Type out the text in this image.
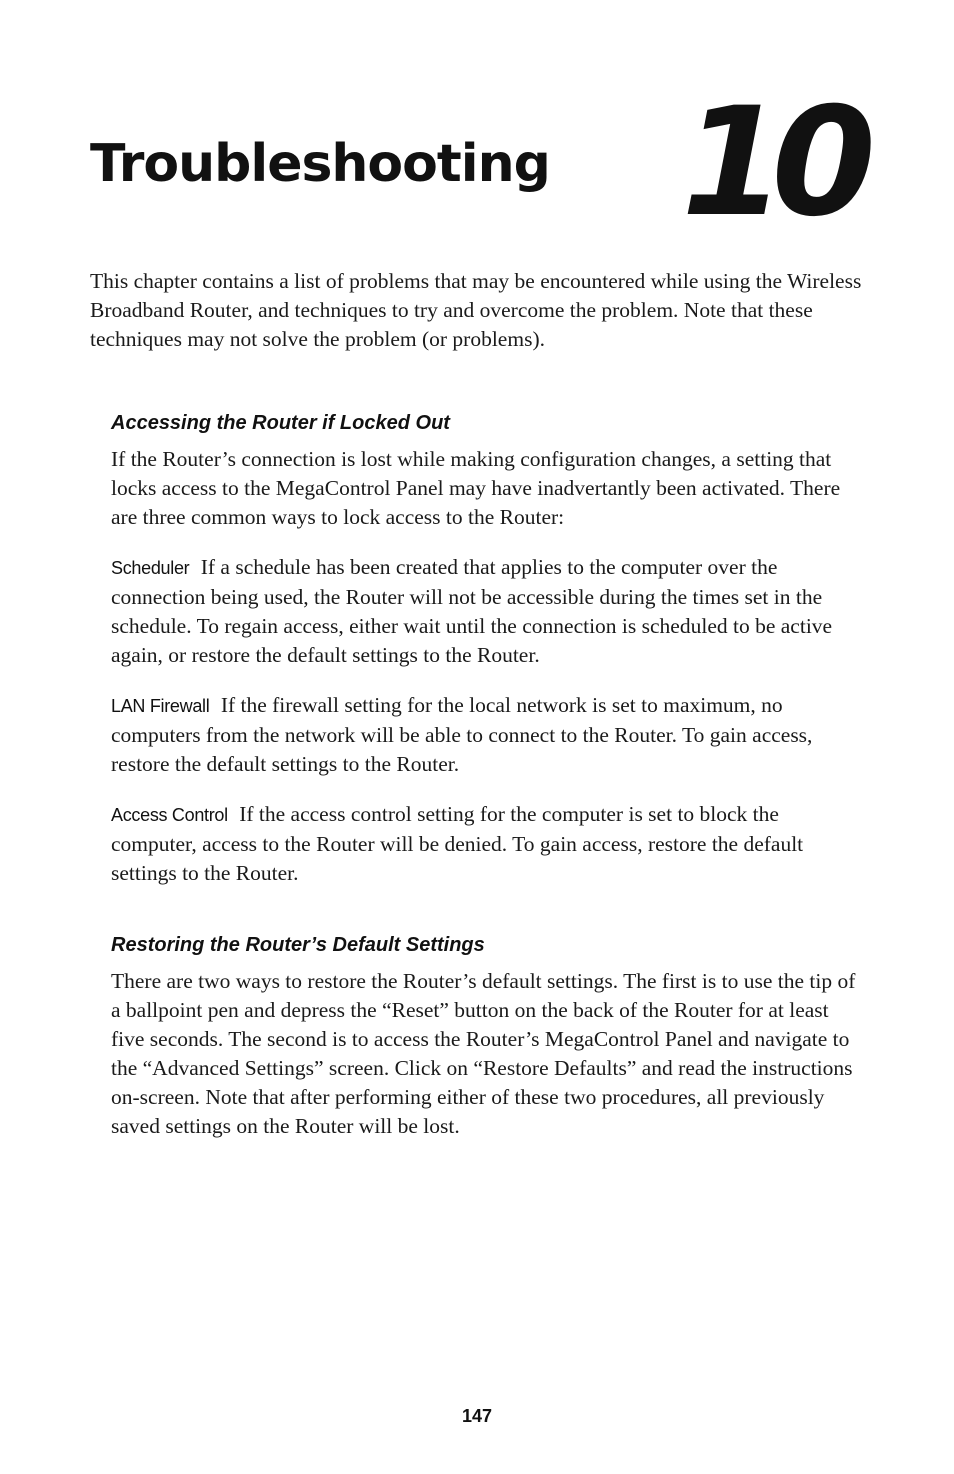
Troubleshooting 10

This chapter contains a list of problems that may be encountered while using the Wireless Broadband Router, and techniques to try and overcome the problem. Note that these techniques may not solve the problem (or problems).

Accessing the Router if Locked Out

If the Router’s connection is lost while making configuration changes, a setting that locks access to the MegaControl Panel may have inadvertantly been activated. There are three common ways to lock access to the Router:

Scheduler If a schedule has been created that applies to the computer over the connection being used, the Router will not be accessible during the times set in the schedule. To regain access, either wait until the connection is scheduled to be active again, or restore the default settings to the Router.

LAN Firewall If the firewall setting for the local network is set to maximum, no computers from the network will be able to connect to the Router. To gain access, restore the default settings to the Router.

Access Control If the access control setting for the computer is set to block the computer, access to the Router will be denied. To gain access, restore the default settings to the Router.

Restoring the Router’s Default Settings

There are two ways to restore the Router’s default settings. The first is to use the tip of a ballpoint pen and depress the “Reset” button on the back of the Router for at least five seconds. The second is to access the Router’s MegaControl Panel and navigate to the “Advanced Settings” screen. Click on “Restore Defaults” and read the instructions on-screen. Note that after performing either of these two procedures, all previously saved settings on the Router will be lost.

147
